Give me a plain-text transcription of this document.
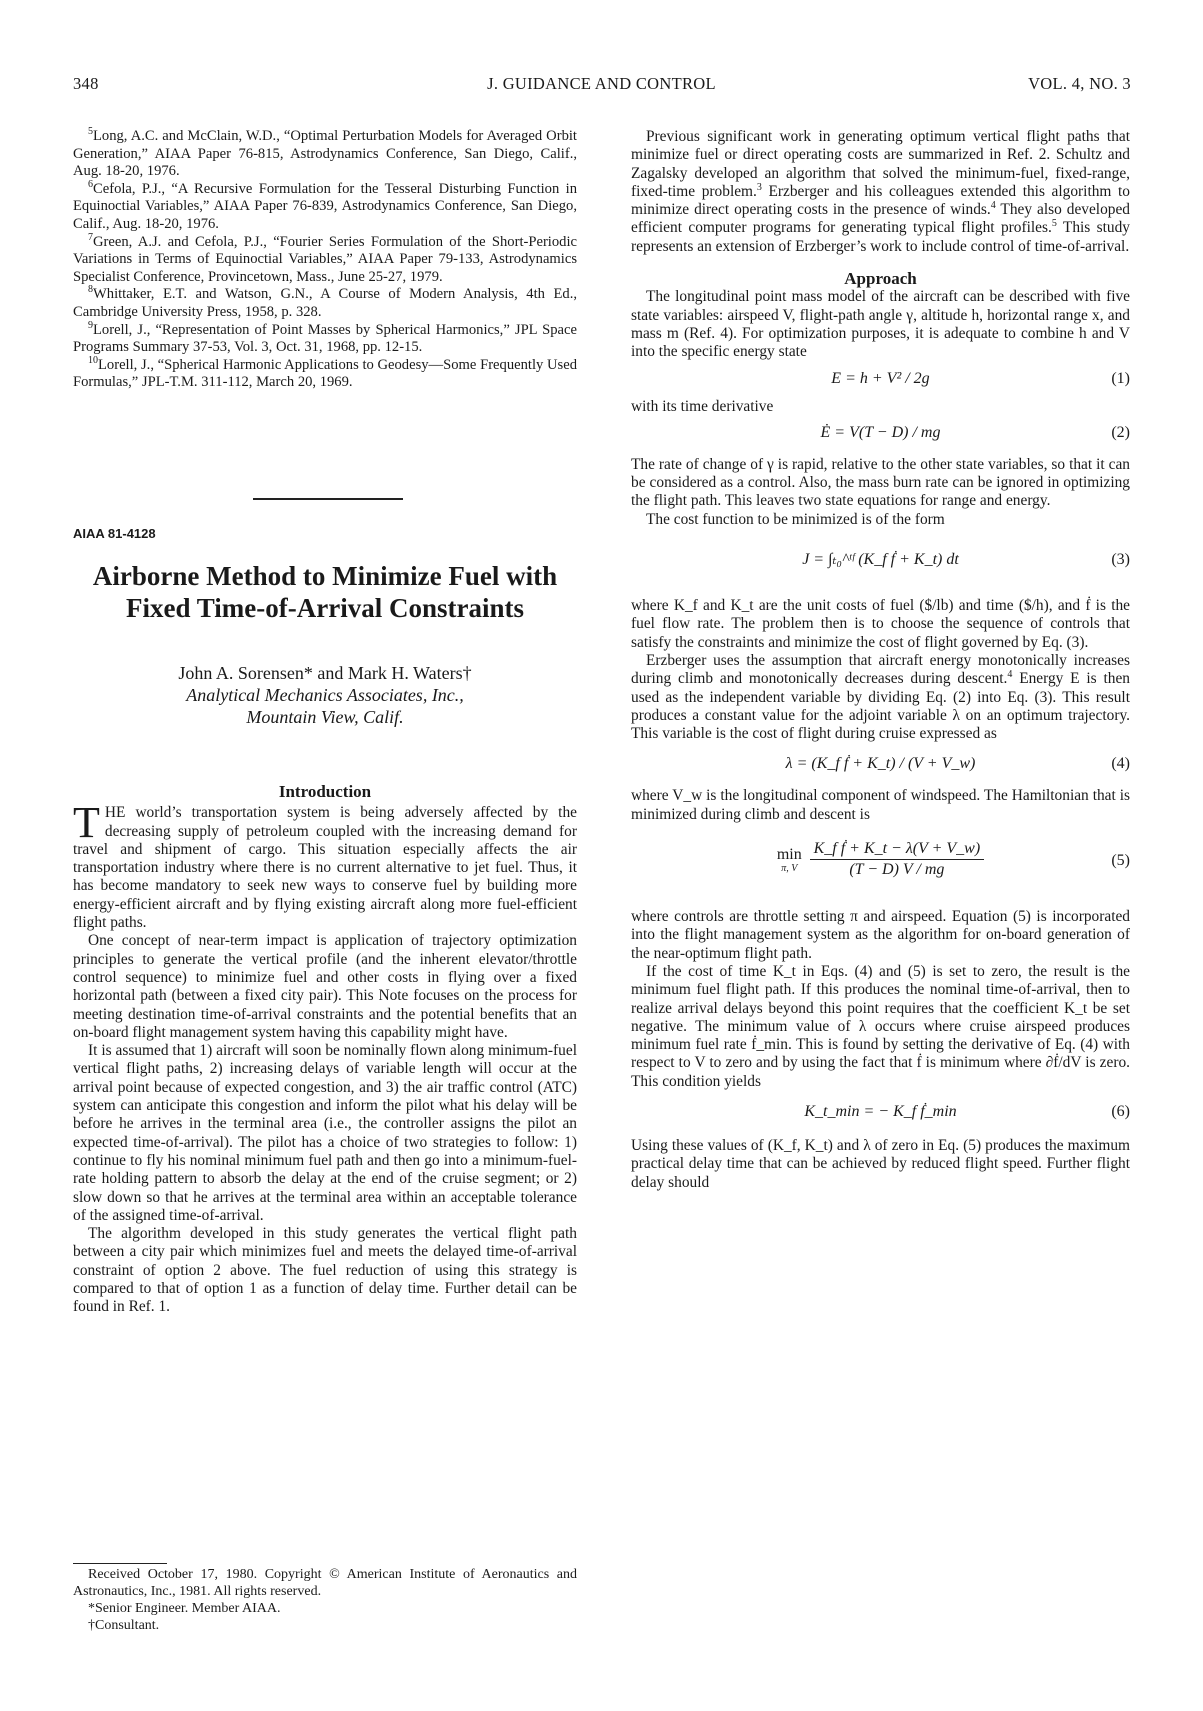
348	J. GUIDANCE AND CONTROL	VOL. 4, NO. 3

$^5$Long, A.C. and McClain, W.D., “Optimal Perturbation Models for Averaged Orbit Generation,” AIAA Paper 76-815, Astrodynamics Conference, San Diego, Calif., Aug. 18-20, 1976.

$^6$Cefola, P.J., “A Recursive Formulation for the Tesseral Disturbing Function in Equinoctial Variables,” AIAA Paper 76-839, Astrodynamics Conference, San Diego, Calif., Aug. 18-20, 1976.

$^7$Green, A.J. and Cefola, P.J., “Fourier Series Formulation of the Short-Periodic Variations in Terms of Equinoctial Variables,” AIAA Paper 79-133, Astrodynamics Specialist Conference, Provincetown, Mass., June 25-27, 1979.

$^8$Whittaker, E.T. and Watson, G.N., A Course of Modern Analysis, 4th Ed., Cambridge University Press, 1958, p. 328.

$^9$Lorell, J., “Representation of Point Masses by Spherical Harmonics,” JPL Space Programs Summary 37-53, Vol. 3, Oct. 31, 1968, pp. 12-15.

$^{10}$Lorell, J., “Spherical Harmonic Applications to Geodesy—Some Frequently Used Formulas,” JPL-T.M. 311-112, March 20, 1969.

AIAA 81-4128
Airborne Method to Minimize Fuel with
Fixed Time-of-Arrival Constraints
John A. Sorensen* and Mark H. Waters†
Analytical Mechanics Associates, Inc.,
Mountain View, Calif.

Introduction

THE world’s transportation system is being adversely affected by the decreasing supply of petroleum coupled with the increasing demand for travel and shipment of cargo. This situation especially affects the air transportation industry where there is no current alternative to jet fuel. Thus, it has become mandatory to seek new ways to conserve fuel by building more energy-efficient aircraft and by flying existing aircraft along more fuel-efficient flight paths.

One concept of near-term impact is application of trajectory optimization principles to generate the vertical profile (and the inherent elevator/throttle control sequence) to minimize fuel and other costs in flying over a fixed horizontal path (between a fixed city pair). This Note focuses on the process for meeting destination time-of-arrival constraints and the potential benefits that an on-board flight management system having this capability might have.

It is assumed that 1) aircraft will soon be nominally flown along minimum-fuel vertical flight paths, 2) increasing delays of variable length will occur at the arrival point because of expected congestion, and 3) the air traffic control (ATC) system can anticipate this congestion and inform the pilot what his delay will be before he arrives in the terminal area (i.e., the controller assigns the pilot an expected time-of-arrival). The pilot has a choice of two strategies to follow: 1) continue to fly his nominal minimum fuel path and then go into a minimum-fuel-rate holding pattern to absorb the delay at the end of the cruise segment; or 2) slow down so that he arrives at the terminal area within an acceptable tolerance of the assigned time-of-arrival.

The algorithm developed in this study generates the vertical flight path between a city pair which minimizes fuel and meets the delayed time-of-arrival constraint of option 2 above. The fuel reduction of using this strategy is compared to that of option 1 as a function of delay time. Further detail can be found in Ref. 1.

Received October 17, 1980. Copyright © American Institute of Aeronautics and Astronautics, Inc., 1981. All rights reserved.

*Senior Engineer. Member AIAA.

†Consultant.

Previous significant work in generating optimum vertical flight paths that minimize fuel or direct operating costs are summarized in Ref. 2. Schultz and Zagalsky developed an algorithm that solved the minimum-fuel, fixed-range, fixed-time problem.$^3$ Erzberger and his colleagues extended this algorithm to minimize direct operating costs in the presence of winds.$^4$ They also developed efficient computer programs for generating typical flight profiles.$^5$ This study represents an extension of Erzberger’s work to include control of time-of-arrival.

Approach

The longitudinal point mass model of the aircraft can be described with five state variables: airspeed V, flight-path angle γ, altitude h, horizontal range x, and mass m (Ref. 4). For optimization purposes, it is adequate to combine h and V into the specific energy state

E = h + V² / 2g	(1)

with its time derivative

Ė = V(T − D) / mg	(2)

The rate of change of γ is rapid, relative to the other state variables, so that it can be considered as a control. Also, the mass burn rate can be ignored in optimizing the flight path. This leaves two state equations for range and energy.

The cost function to be minimized is of the form

J = ∫ₜ₀^ᵗᶠ (K_f ḟ + K_t) dt	(3)

where K_f and K_t are the unit costs of fuel ($/lb) and time ($/h), and ḟ is the fuel flow rate. The problem then is to choose the sequence of controls that satisfy the constraints and minimize the cost of flight governed by Eq. (3).

Erzberger uses the assumption that aircraft energy monotonically increases during climb and monotonically decreases during descent.$^4$ Energy E is then used as the independent variable by dividing Eq. (2) into Eq. (3). This result produces a constant value for the adjoint variable λ on an optimum trajectory. This variable is the cost of flight during cruise expressed as

λ = (K_f ḟ + K_t) / (V + V_w)	(4)

where V_w is the longitudinal component of windspeed. The Hamiltonian that is minimized during climb and descent is

min
π, V
$\frac{\text{K\_f ḟ + K\_t − λ(V + V\_w)}}{(T - D) V / mg}$	(5)

where controls are throttle setting π and airspeed. Equation (5) is incorporated into the flight management system as the algorithm for on-board generation of the near-optimum flight path.

If the cost of time K_t in Eqs. (4) and (5) is set to zero, the result is the minimum fuel flight path. If this produces the nominal time-of-arrival, then to realize arrival delays beyond this point requires that the coefficient K_t be set negative. The minimum value of λ occurs where cruise airspeed produces minimum fuel rate ḟ_min. This is found by setting the derivative of Eq. (4) with respect to V to zero and by using the fact that ḟ is minimum where ∂ḟ/dV is zero. This condition yields

K_t_min = − K_f ḟ_min	(6)

Using these values of (K_f, K_t) and λ of zero in Eq. (5) produces the maximum practical delay time that can be achieved by reduced flight speed. Further flight delay should
